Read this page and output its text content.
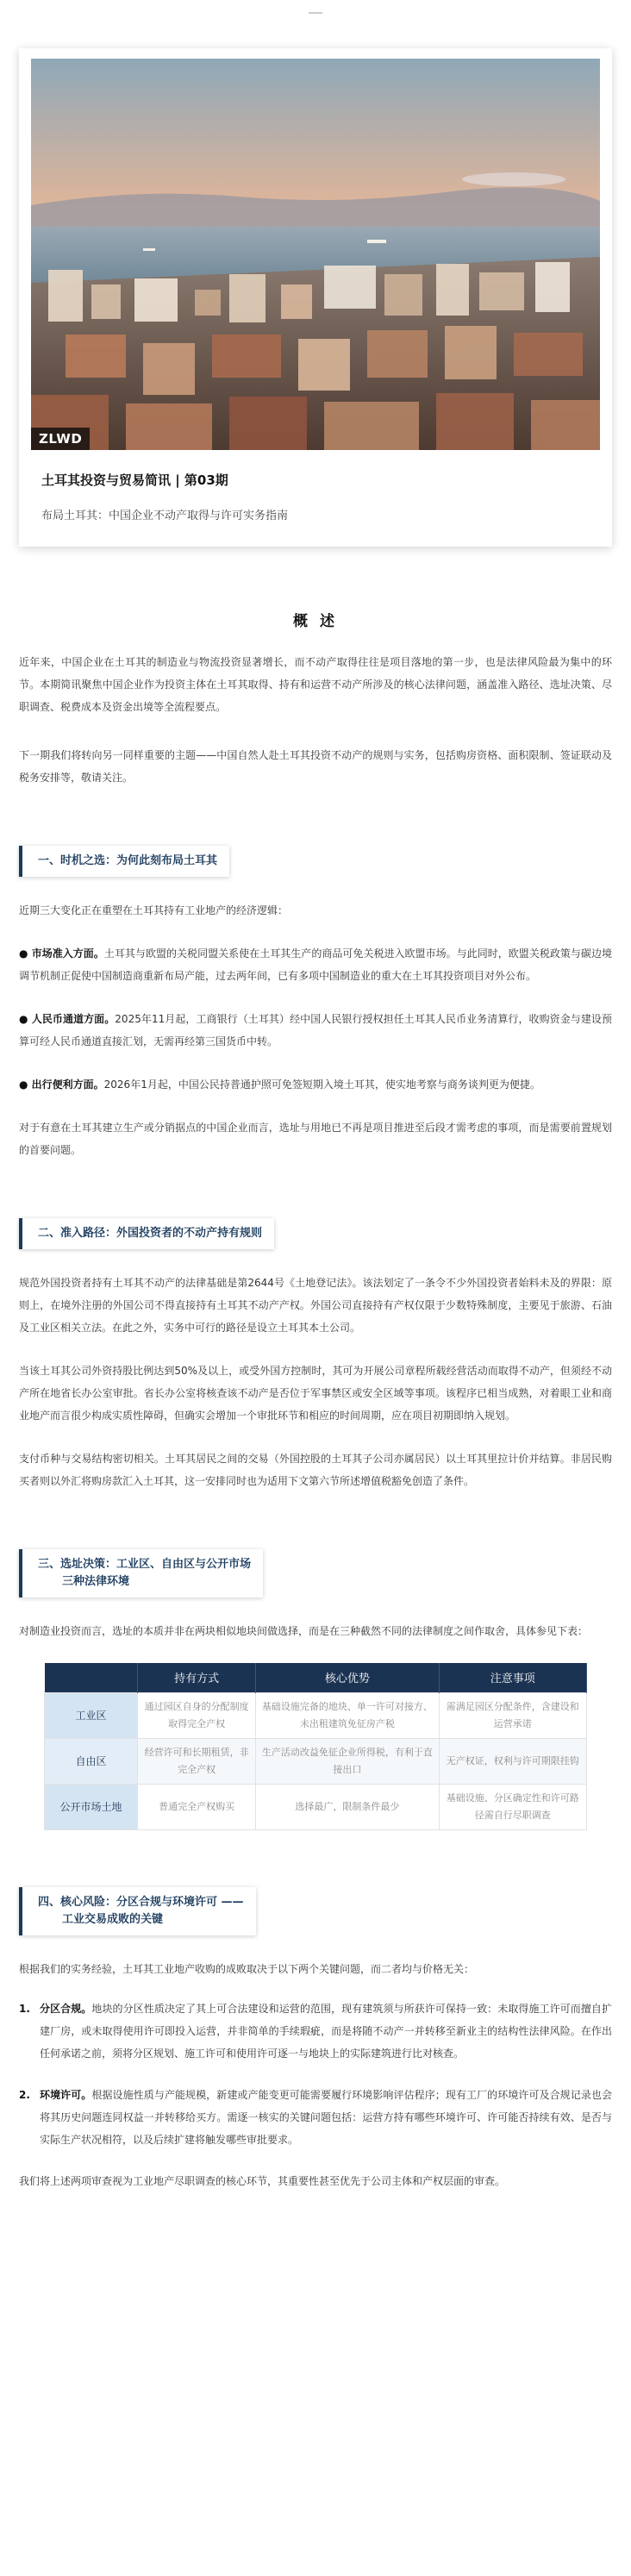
ZLWD
土耳其投资与贸易简讯 | 第03期
布局土耳其：中国企业不动产取得与许可实务指南
概 述

近年来，中国企业在土耳其的制造业与物流投资显著增长，而不动产取得往往是项目落地的第一步，也是法律风险最为集中的环节。本期简讯聚焦中国企业作为投资主体在土耳其取得、持有和运营不动产所涉及的核心法律问题，涵盖准入路径、选址决策、尽职调查、税费成本及资金出境等全流程要点。

下一期我们将转向另一同样重要的主题——中国自然人赴土耳其投资不动产的规则与实务，包括购房资格、面积限制、签证联动及税务安排等，敬请关注。

一、时机之选：为何此刻布局土耳其

近期三大变化正在重塑在土耳其持有工业地产的经济逻辑：

● 市场准入方面。土耳其与欧盟的关税同盟关系使在土耳其生产的商品可免关税进入欧盟市场。与此同时，欧盟关税政策与碳边境调节机制正促使中国制造商重新布局产能，过去两年间，已有多项中国制造业的重大在土耳其投资项目对外公布。

● 人民币通道方面。2025年11月起，工商银行（土耳其）经中国人民银行授权担任土耳其人民币业务清算行，收购资金与建设预算可经人民币通道直接汇划，无需再经第三国货币中转。

● 出行便利方面。2026年1月起，中国公民持普通护照可免签短期入境土耳其，使实地考察与商务谈判更为便捷。

对于有意在土耳其建立生产或分销据点的中国企业而言，选址与用地已不再是项目推进至后段才需考虑的事项，而是需要前置规划的首要问题。

二、准入路径：外国投资者的不动产持有规则

规范外国投资者持有土耳其不动产的法律基础是第2644号《土地登记法》。该法划定了一条令不少外国投资者始料未及的界限：原则上，在境外注册的外国公司不得直接持有土耳其不动产产权。外国公司直接持有产权仅限于少数特殊制度，主要见于旅游、石油及工业区相关立法。在此之外，实务中可行的路径是设立土耳其本土公司。

当该土耳其公司外资持股比例达到50%及以上，或受外国方控制时，其可为开展公司章程所载经营活动而取得不动产，但须经不动产所在地省长办公室审批。省长办公室将核查该不动产是否位于军事禁区或安全区域等事项。该程序已相当成熟，对着眼工业和商业地产而言很少构成实质性障碍，但确实会增加一个审批环节和相应的时间周期，应在项目初期即纳入规划。

支付币种与交易结构密切相关。土耳其居民之间的交易（外国控股的土耳其子公司亦属居民）以土耳其里拉计价并结算。非居民购买者则以外汇将购房款汇入土耳其，这一安排同时也为适用下文第六节所述增值税豁免创造了条件。

三、选址决策：工业区、自由区与公开市场
三种法律环境

对制造业投资而言，选址的本质并非在两块相似地块间做选择，而是在三种截然不同的法律制度之间作取舍，具体参见下表：

	持有方式	核心优势	注意事项
工业区	通过园区自身的分配制度取得完全产权	基础设施完备的地块、单一许可对接方、未出租建筑免征房产税	需满足园区分配条件，含建设和运营承诺
自由区	经营许可和长期租赁，非完全产权	生产活动改益免征企业所得税，有利于直接出口	无产权证，权利与许可期限挂钩
公开市场土地	普通完全产权购买	选择最广，限制条件最少	基础设施、分区确定性和许可路径需自行尽职调查
四、核心风险：分区合规与环境许可 ——
工业交易成败的关键

根据我们的实务经验，土耳其工业地产收购的成败取决于以下两个关键问题，而二者均与价格无关：

1. 分区合规。地块的分区性质决定了其上可合法建设和运营的范围，现有建筑须与所获许可保持一致：未取得施工许可而擅自扩建厂房，或未取得使用许可即投入运营，并非简单的手续瑕疵，而是将随不动产一并转移至新业主的结构性法律风险。在作出任何承诺之前，须将分区规划、施工许可和使用许可逐一与地块上的实际建筑进行比对核查。
2. 环境许可。根据设施性质与产能规模，新建或产能变更可能需要履行环境影响评估程序；现有工厂的环境许可及合规记录也会将其历史问题连同权益一并转移给买方。需逐一核实的关键问题包括：运营方持有哪些环境许可、许可能否持续有效、是否与实际生产状况相符，以及后续扩建将触发哪些审批要求。

我们将上述两项审查视为工业地产尽职调查的核心环节，其重要性甚至优先于公司主体和产权层面的审查。
